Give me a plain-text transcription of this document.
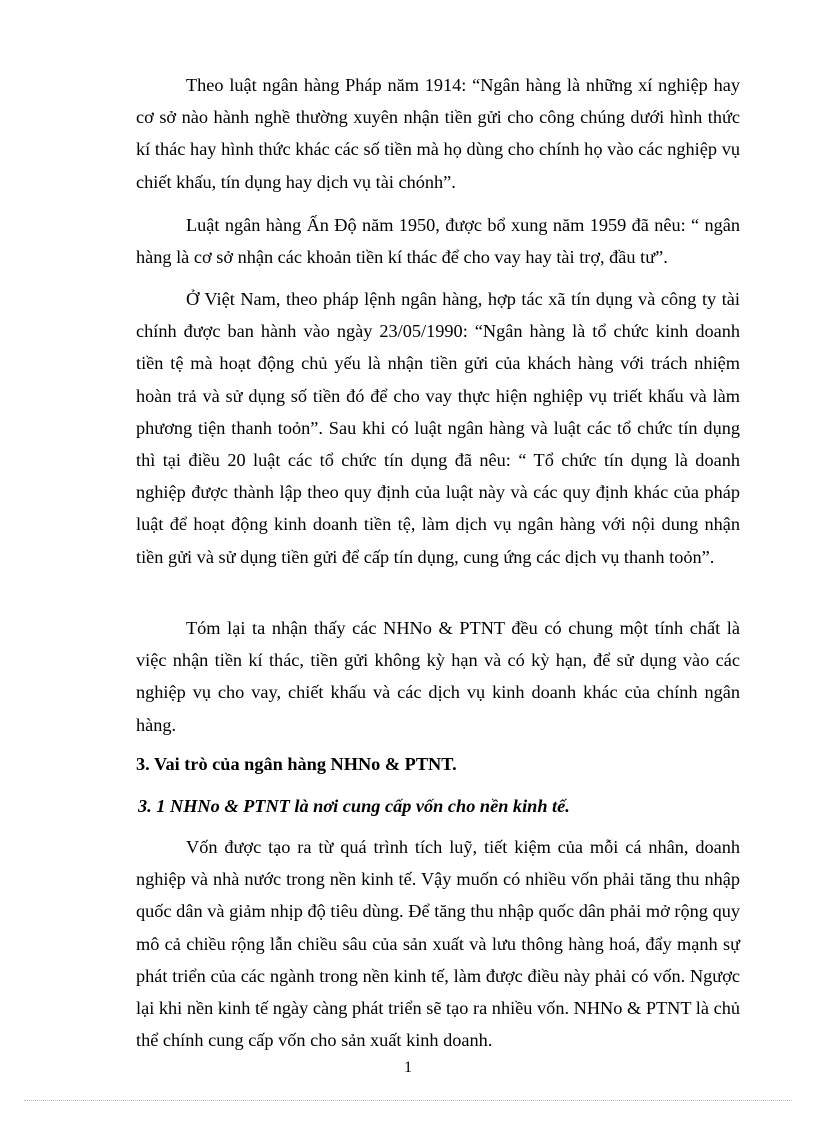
Theo luật ngân hàng Pháp năm 1914: “Ngân hàng là những xí nghiệp hay cơ sở nào hành nghề thường xuyên nhận tiền gửi cho công chúng dưới hình thức kí thác hay hình thức khác các số tiền mà họ dùng cho chính họ vào các nghiệp vụ chiết khấu, tín dụng hay dịch vụ tài chónh”.

Luật ngân hàng Ấn Độ năm 1950, được bổ xung năm 1959 đã nêu: “ ngân hàng là cơ sở nhận các khoản tiền kí thác để cho vay hay tài trợ, đầu tư”.

Ở Việt Nam, theo pháp lệnh ngân hàng, hợp tác xã tín dụng và công ty tài chính được ban hành vào ngày 23/05/1990: “Ngân hàng là tổ chức kinh doanh tiền tệ mà hoạt động chủ yếu là nhận tiền gửi của khách hàng với trách nhiệm hoàn trả và sử dụng số tiền đó để cho vay thực hiện nghiệp vụ triết khấu và làm phương tiện thanh toỏn”. Sau khi có luật ngân hàng và luật các tổ chức tín dụng thì tại điều 20 luật các tổ chức tín dụng đã nêu: “ Tổ chức tín dụng là doanh nghiệp được thành lập theo quy định của luật này và các quy định khác của pháp luật để hoạt động kinh doanh tiền tệ, làm dịch vụ ngân hàng với nội dung nhận tiền gửi và sử dụng tiền gửi để cấp tín dụng, cung ứng các dịch vụ thanh toỏn”.

Tóm lại ta nhận thấy các NHNo & PTNT đều có chung một tính chất là việc nhận tiền kí thác, tiền gửi không kỳ hạn và có kỳ hạn, để sử dụng vào các nghiệp vụ cho vay, chiết khấu và các dịch vụ kinh doanh khác của chính ngân hàng.

3. Vai trò của ngân hàng NHNo & PTNT.
3. 1 NHNo & PTNT là nơi cung cấp vốn cho nền kinh tế.

Vốn được tạo ra từ quá trình tích luỹ, tiết kiệm của mỗi cá nhân, doanh nghiệp và nhà nước trong nền kinh tế. Vậy muốn có nhiều vốn phải tăng thu nhập quốc dân và giảm nhịp độ tiêu dùng. Để tăng thu nhập quốc dân phải mở rộng quy mô cả chiều rộng lẫn chiều sâu của sản xuất và lưu thông hàng hoá, đẩy mạnh sự phát triển của các ngành trong nền kinh tế, làm được điều này phải có vốn. Ngược lại khi nền kinh tế ngày càng phát triển sẽ tạo ra nhiều vốn. NHNo & PTNT là chủ thể chính cung cấp vốn cho sản xuất kinh doanh.

1
